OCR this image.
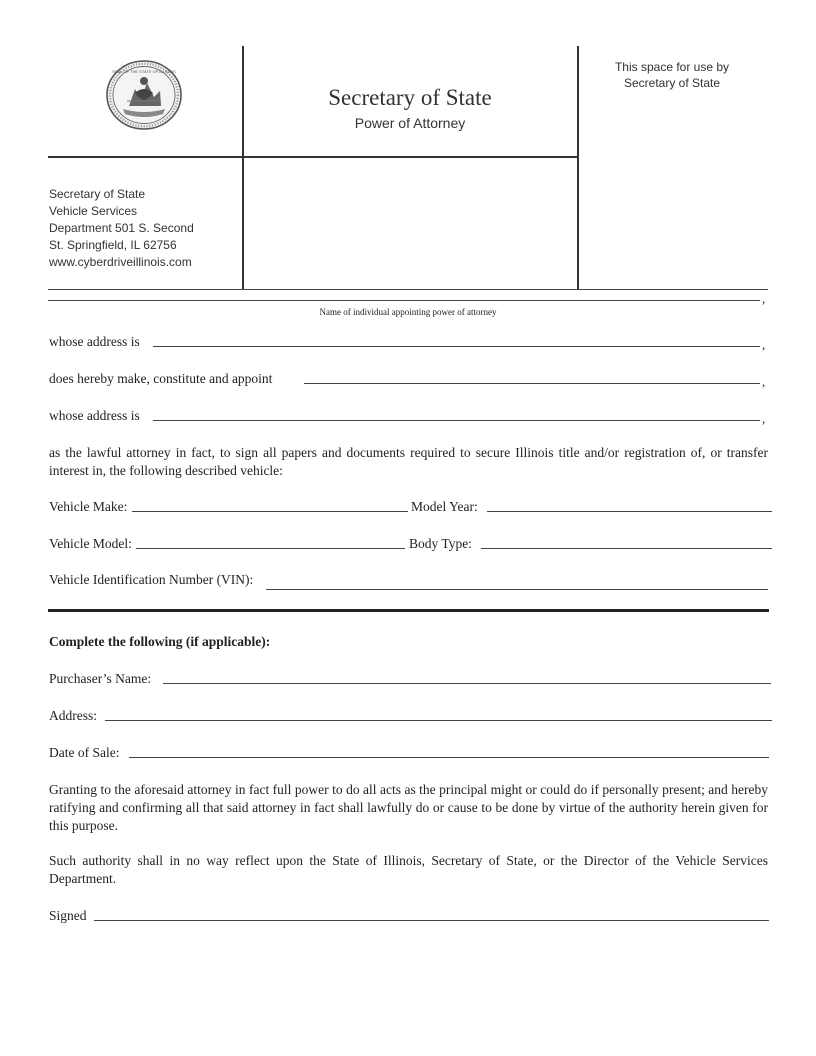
SEAL OF THE STATE OF ILLINOIS
Secretary of State
Power of Attorney
This space for use by
Secretary of State
Secretary of State
Vehicle Services
Department 501 S. Second
St. Springfield, IL 62756
www.cyberdriveillinois.com
,
Name of individual appointing power of attorney
whose address is	,
does hereby make, constitute and appoint	,
whose address is	,
as the lawful attorney in fact, to sign all papers and documents required to secure Illinois title and/or registration of, or transfer interest in, the following described vehicle:
Vehicle Make:	Model Year:
Vehicle Model:	Body Type:
Vehicle Identification Number (VIN):
Complete the following (if applicable):
Purchaser’s Name:
Address:
Date of Sale:
Granting to the aforesaid attorney in fact full power to do all acts as the principal might or could do if personally present; and hereby ratifying and confirming all that said attorney in fact shall lawfully do or cause to be done by virtue of the authority herein given for this purpose.
Such authority shall in no way reflect upon the State of Illinois, Secretary of State, or the Director of the Vehicle Services Department.
Signed
